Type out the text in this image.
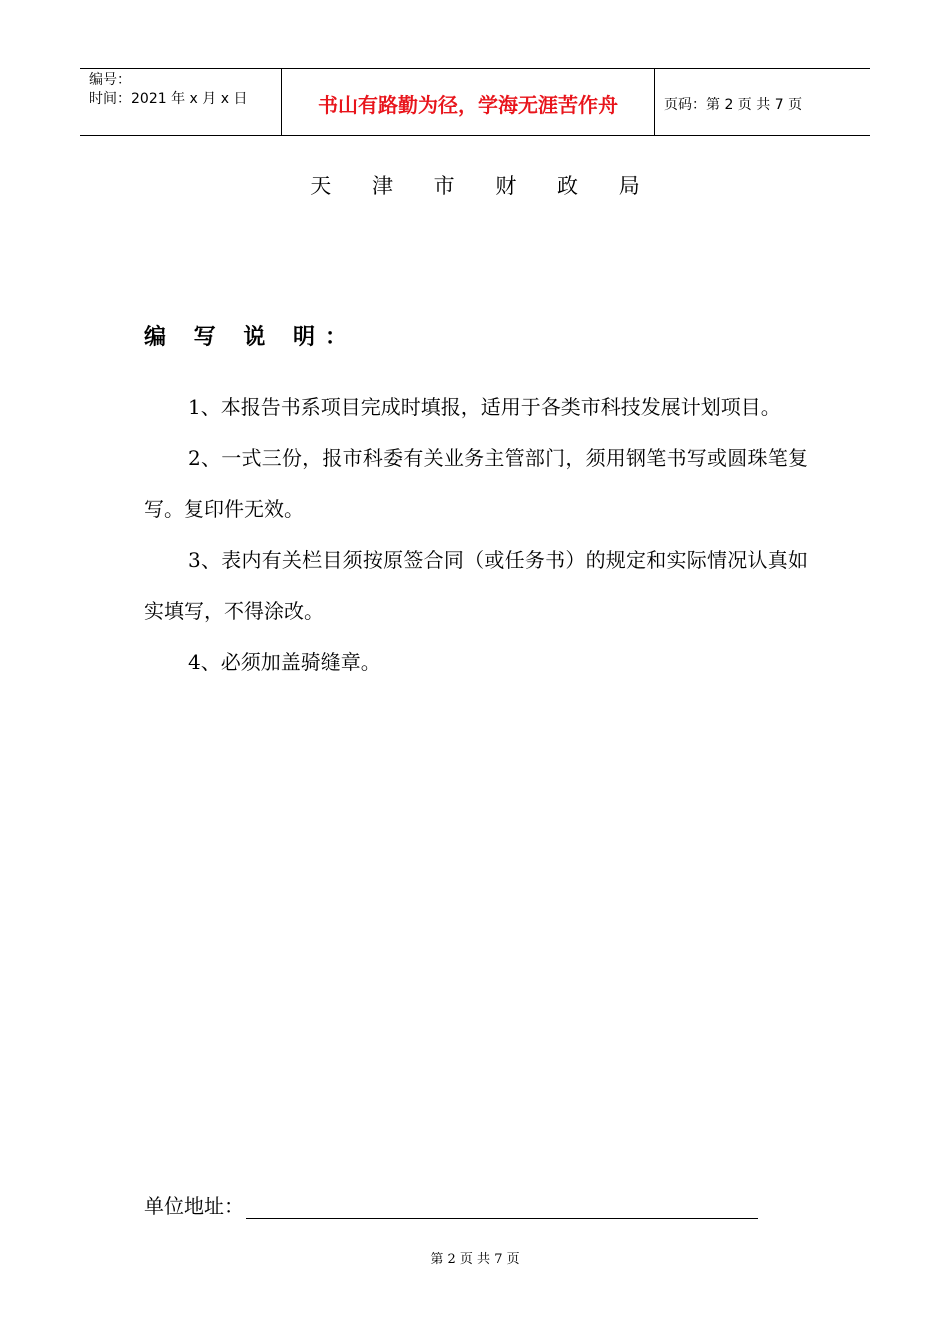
编号：
时间：2021 年 x 月 x 日	书山有路勤为径，学海无涯苦作舟	页码：第 2 页 共 7 页
天 津 市 财 政 局
编 写 说 明：

1、本报告书系项目完成时填报，适用于各类市科技发展计划项目。

2、一式三份，报市科委有关业务主管部门，须用钢笔书写或圆珠笔复写。复印件无效。

3、表内有关栏目须按原签合同（或任务书）的规定和实际情况认真如实填写，不得涂改。

4、必须加盖骑缝章。

单位地址：
第 2 页 共 7 页
